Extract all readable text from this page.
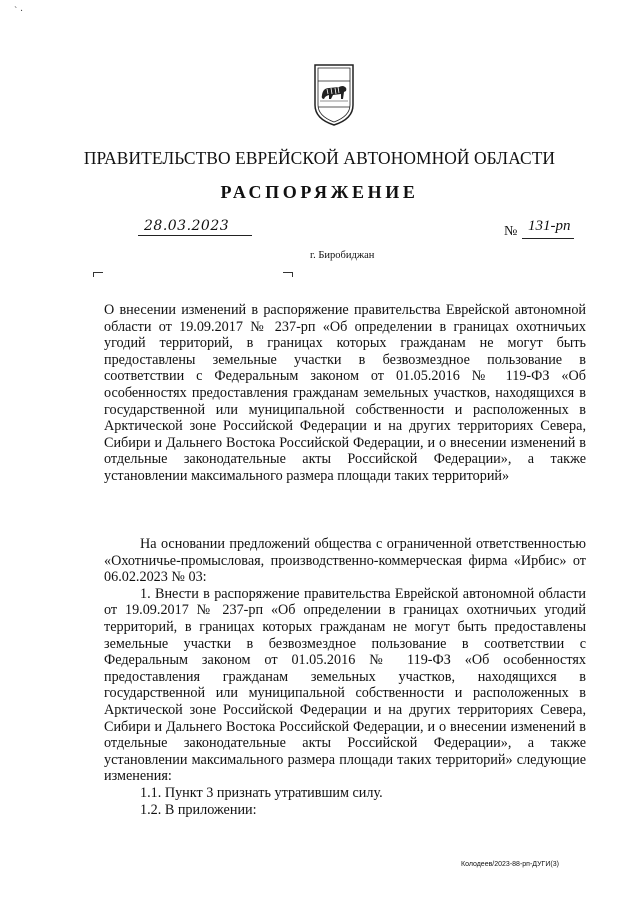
` ·
ПРАВИТЕЛЬСТВО ЕВРЕЙСКОЙ АВТОНОМНОЙ ОБЛАСТИ
РАСПОРЯЖЕНИЕ
28.03.2023	№ 131-рп
г. Биробиджан

О внесении изменений в распоряжение правительства Еврейской автономной области от 19.09.2017 № 237-рп «Об определении в границах охотничьих угодий территорий, в границах которых гражданам не могут быть предоставлены земельные участки в безвозмездное пользование в соответствии с Федеральным законом от 01.05.2016 № 119-ФЗ «Об особенностях предоставления гражданам земельных участков, находящихся в государственной или муниципальной собственности и расположенных в Арктической зоне Российской Федерации и на других территориях Севера, Сибири и Дальнего Востока Российской Федерации, и о внесении изменений в отдельные законодательные акты Российской Федерации», а также установлении максимального размера площади таких территорий»

На основании предложений общества с ограниченной ответственностью «Охотничье-промысловая, производственно-коммерческая фирма «Ирбис» от 06.02.2023 № 03:

1. Внести в распоряжение правительства Еврейской автономной области от 19.09.2017 № 237-рп «Об определении в границах охотничьих угодий территорий, в границах которых гражданам не могут быть предоставлены земельные участки в безвозмездное пользование в соответствии с Федеральным законом от 01.05.2016 № 119-ФЗ «Об особенностях предоставления гражданам земельных участков, находящихся в государственной или муниципальной собственности и расположенных в Арктической зоне Российской Федерации и на других территориях Севера, Сибири и Дальнего Востока Российской Федерации, и о внесении изменений в отдельные законодательные акты Российской Федерации», а также установлении максимального размера площади таких территорий» следующие изменения:

1.1. Пункт 3 признать утратившим силу.

1.2. В приложении:

Колодеев/2023-88-рп-ДУГИ(3)
